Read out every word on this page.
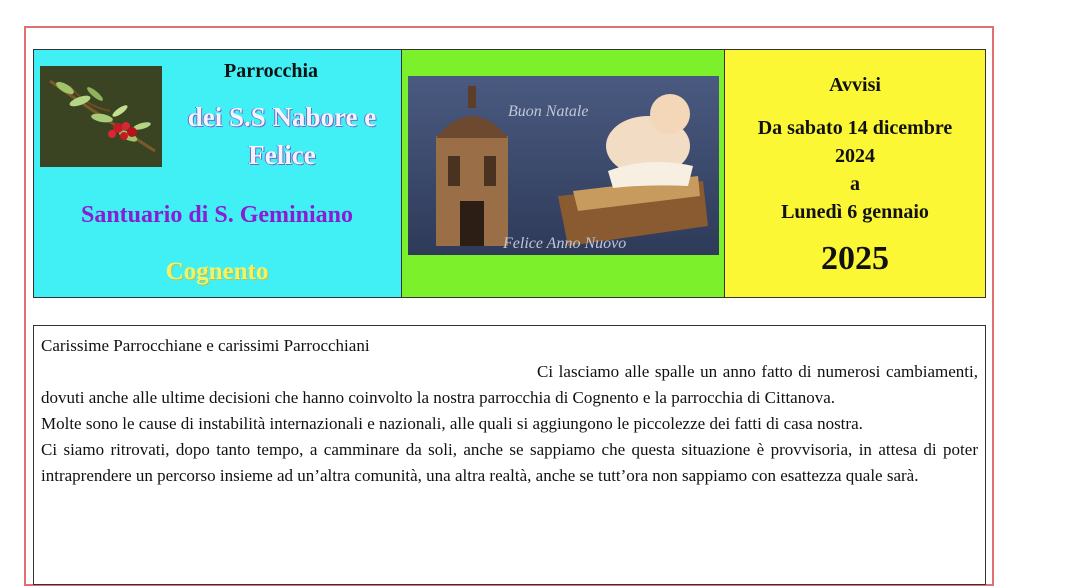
Parrocchia
dei S.S Nabore e Felice
Santuario di S. Geminiano
Cognento
Buon Natale
Felice Anno Nuovo
Avvisi
Da sabato 14 dicembre
2024
a
Lunedì 6 gennaio
2025

Carissime Parrocchiane e carissimi Parrocchiani

Ci lasciamo alle spalle un anno fatto di numerosi cambiamenti, dovuti anche alle ultime decisioni che hanno coinvolto la nostra parrocchia di Cognento e la parrocchia di Cittanova.

Molte sono le cause di instabilità internazionali e nazionali, alle quali si aggiungono le piccolezze dei fatti di casa nostra.

Ci siamo ritrovati, dopo tanto tempo, a camminare da soli, anche se sappiamo che questa situazione è provvisoria, in attesa di poter intraprendere un percorso insieme ad un’altra comunità, una altra realtà, anche se tutt’ora non sappiamo con esattezza quale sarà.
